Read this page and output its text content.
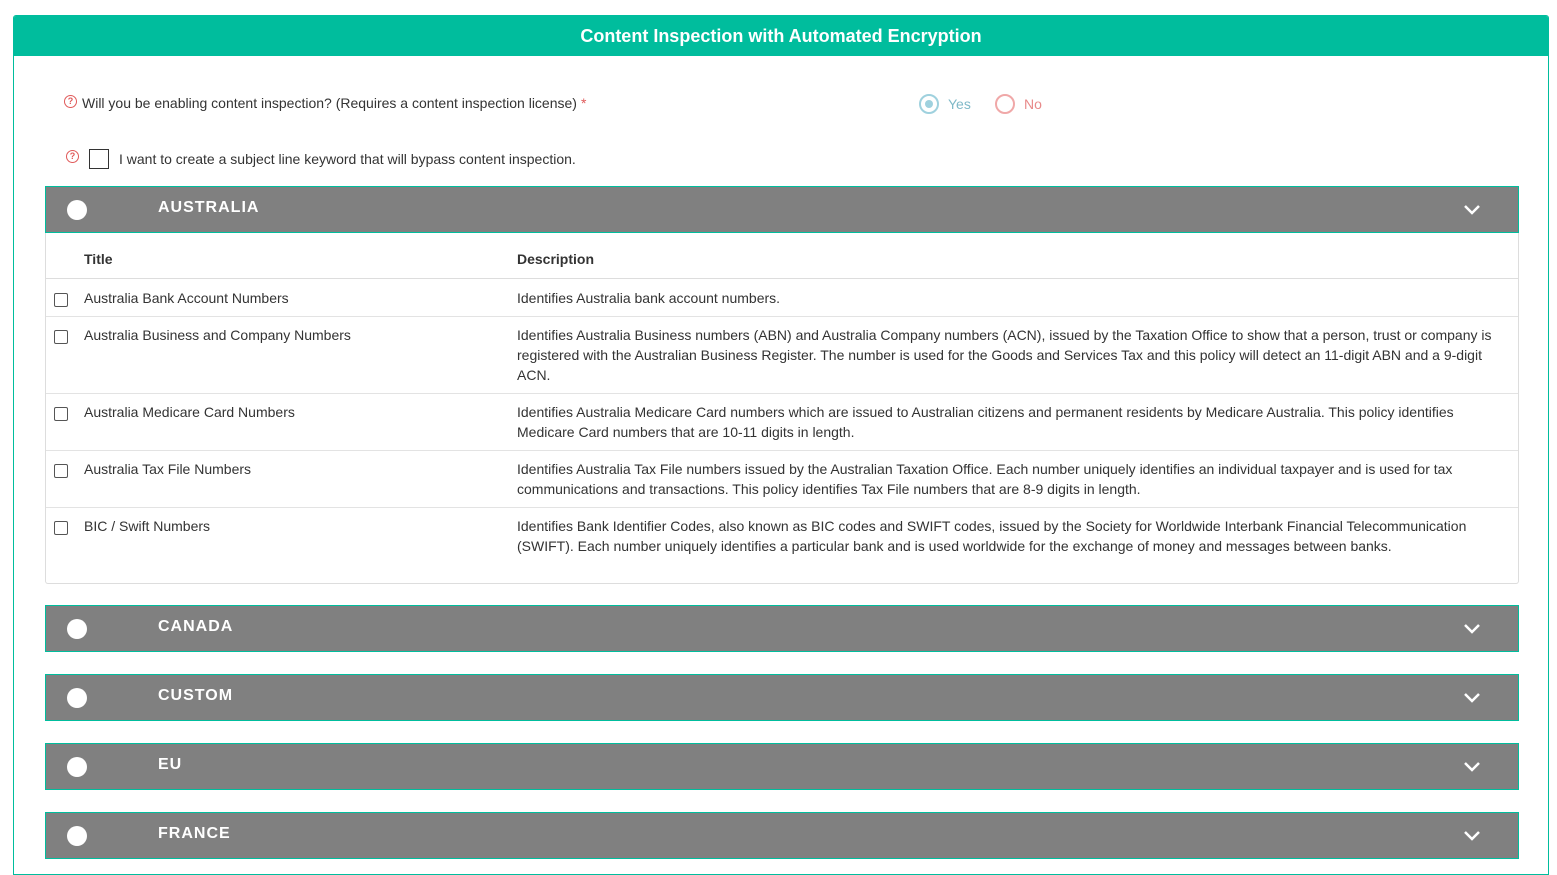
Content Inspection with Automated Encryption
? Will you be enabling content inspection? (Requires a content inspection license) *	Yes	No
?	I want to create a subject line keyword that will bypass content inspection.
AUSTRALIA
Title	Description
Australia Bank Account Numbers	Identifies Australia bank account numbers.
Australia Business and Company Numbers	Identifies Australia Business numbers (ABN) and Australia Company numbers (ACN), issued by the Taxation Office to show that a person, trust or company is registered with the Australian Business Register. The number is used for the Goods and Services Tax and this policy will detect an 11-digit ABN and a 9-digit ACN.
Australia Medicare Card Numbers	Identifies Australia Medicare Card numbers which are issued to Australian citizens and permanent residents by Medicare Australia. This policy identifies Medicare Card numbers that are 10-11 digits in length.
Australia Tax File Numbers	Identifies Australia Tax File numbers issued by the Australian Taxation Office. Each number uniquely identifies an individual taxpayer and is used for tax communications and transactions. This policy identifies Tax File numbers that are 8-9 digits in length.
BIC / Swift Numbers	Identifies Bank Identifier Codes, also known as BIC codes and SWIFT codes, issued by the Society for Worldwide Interbank Financial Telecommunication (SWIFT). Each number uniquely identifies a particular bank and is used worldwide for the exchange of money and messages between banks.
CANADA
CUSTOM
EU
FRANCE
